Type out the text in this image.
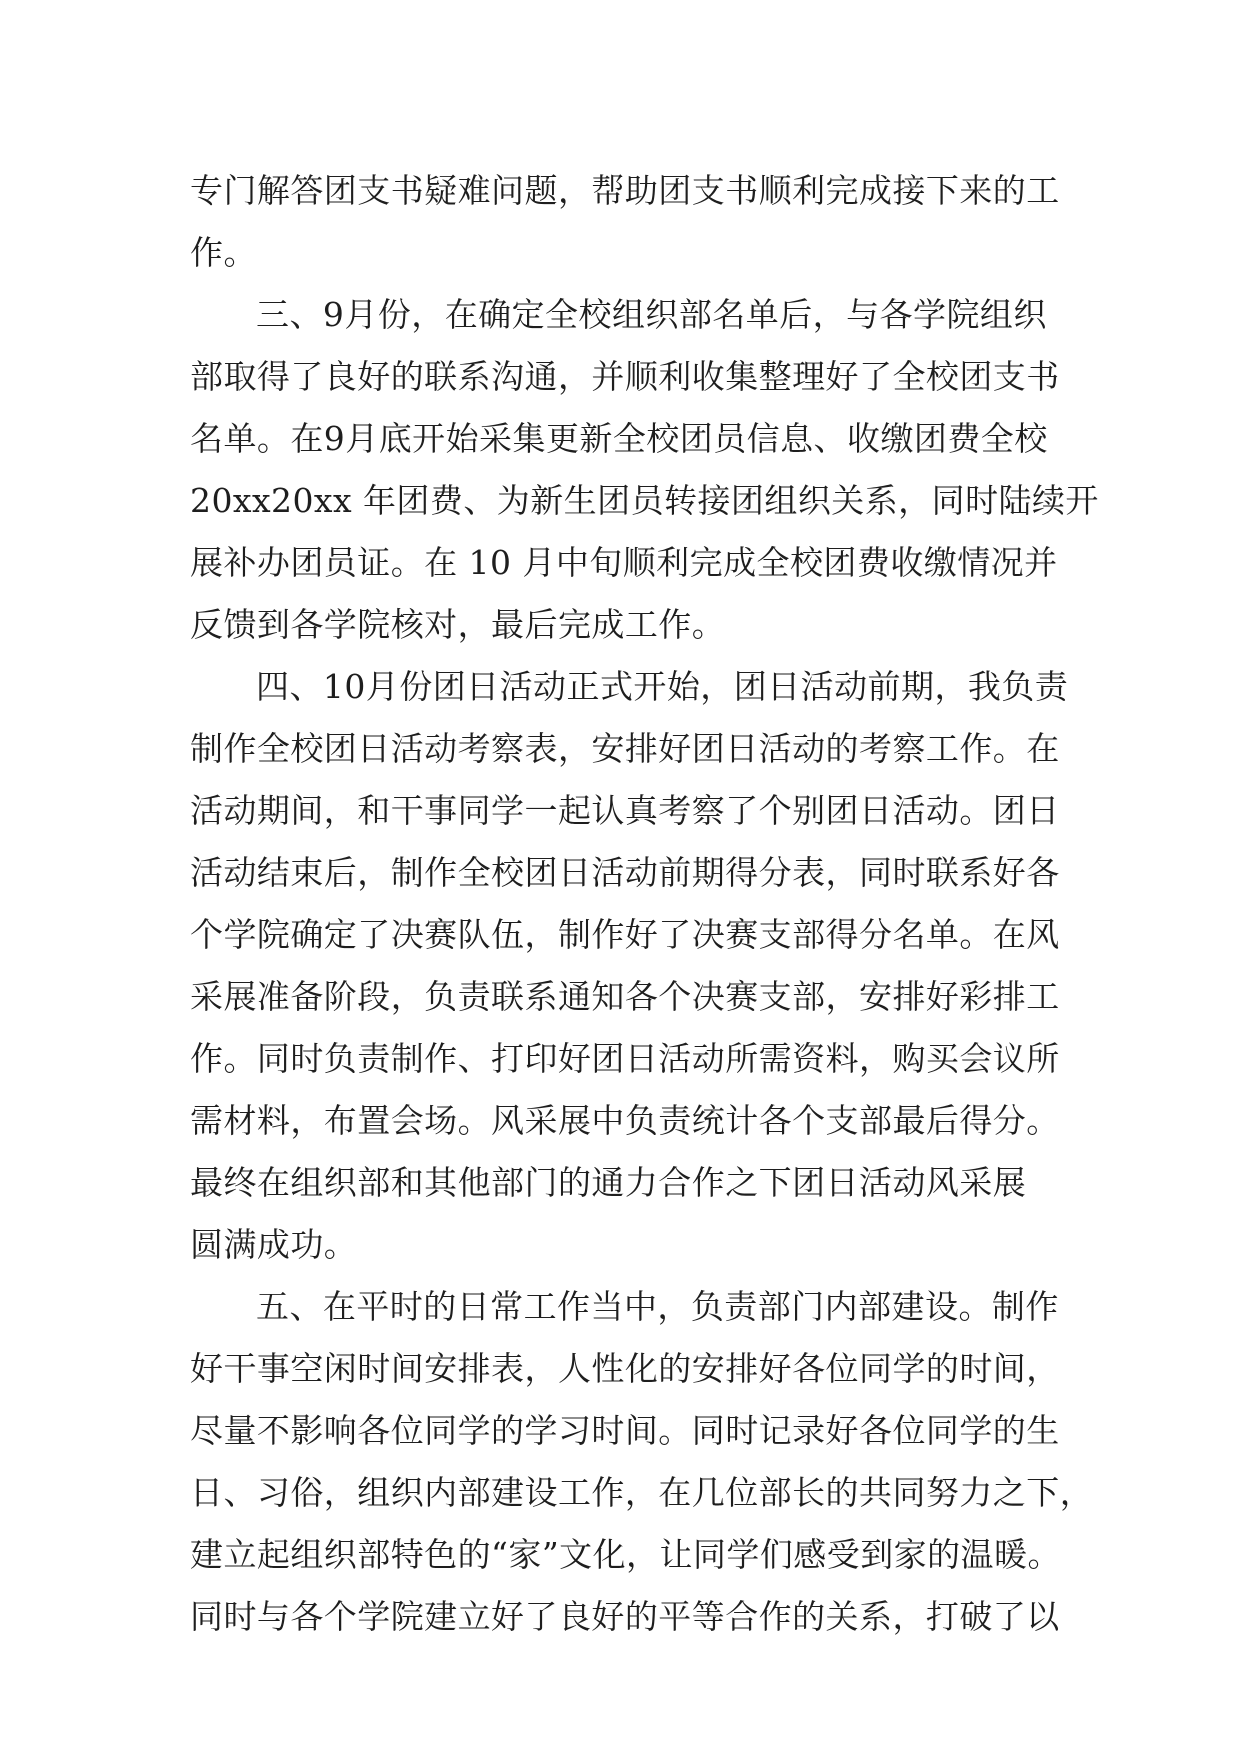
专门解答团支书疑难问题，帮助团支书顺利完成接下来的工
作。
三、9月份，在确定全校组织部名单后，与各学院组织
部取得了良好的联系沟通，并顺利收集整理好了全校团支书
名单。在9月底开始采集更新全校团员信息、收缴团费全校
20xx20xx 年团费、为新生团员转接团组织关系，同时陆续开
展补办团员证。在 10 月中旬顺利完成全校团费收缴情况并
反馈到各学院核对，最后完成工作。
四、10月份团日活动正式开始，团日活动前期，我负责
制作全校团日活动考察表，安排好团日活动的考察工作。在
活动期间，和干事同学一起认真考察了个别团日活动。团日
活动结束后，制作全校团日活动前期得分表，同时联系好各
个学院确定了决赛队伍，制作好了决赛支部得分名单。在风
采展准备阶段，负责联系通知各个决赛支部，安排好彩排工
作。同时负责制作、打印好团日活动所需资料，购买会议所
需材料，布置会场。风采展中负责统计各个支部最后得分。
最终在组织部和其他部门的通力合作之下团日活动风采展
圆满成功。
五、在平时的日常工作当中，负责部门内部建设。制作
好干事空闲时间安排表，人性化的安排好各位同学的时间，
尽量不影响各位同学的学习时间。同时记录好各位同学的生
日、习俗，组织内部建设工作，在几位部长的共同努力之下，
建立起组织部特色的“家”文化，让同学们感受到家的温暖。
同时与各个学院建立好了良好的平等合作的关系，打破了以
